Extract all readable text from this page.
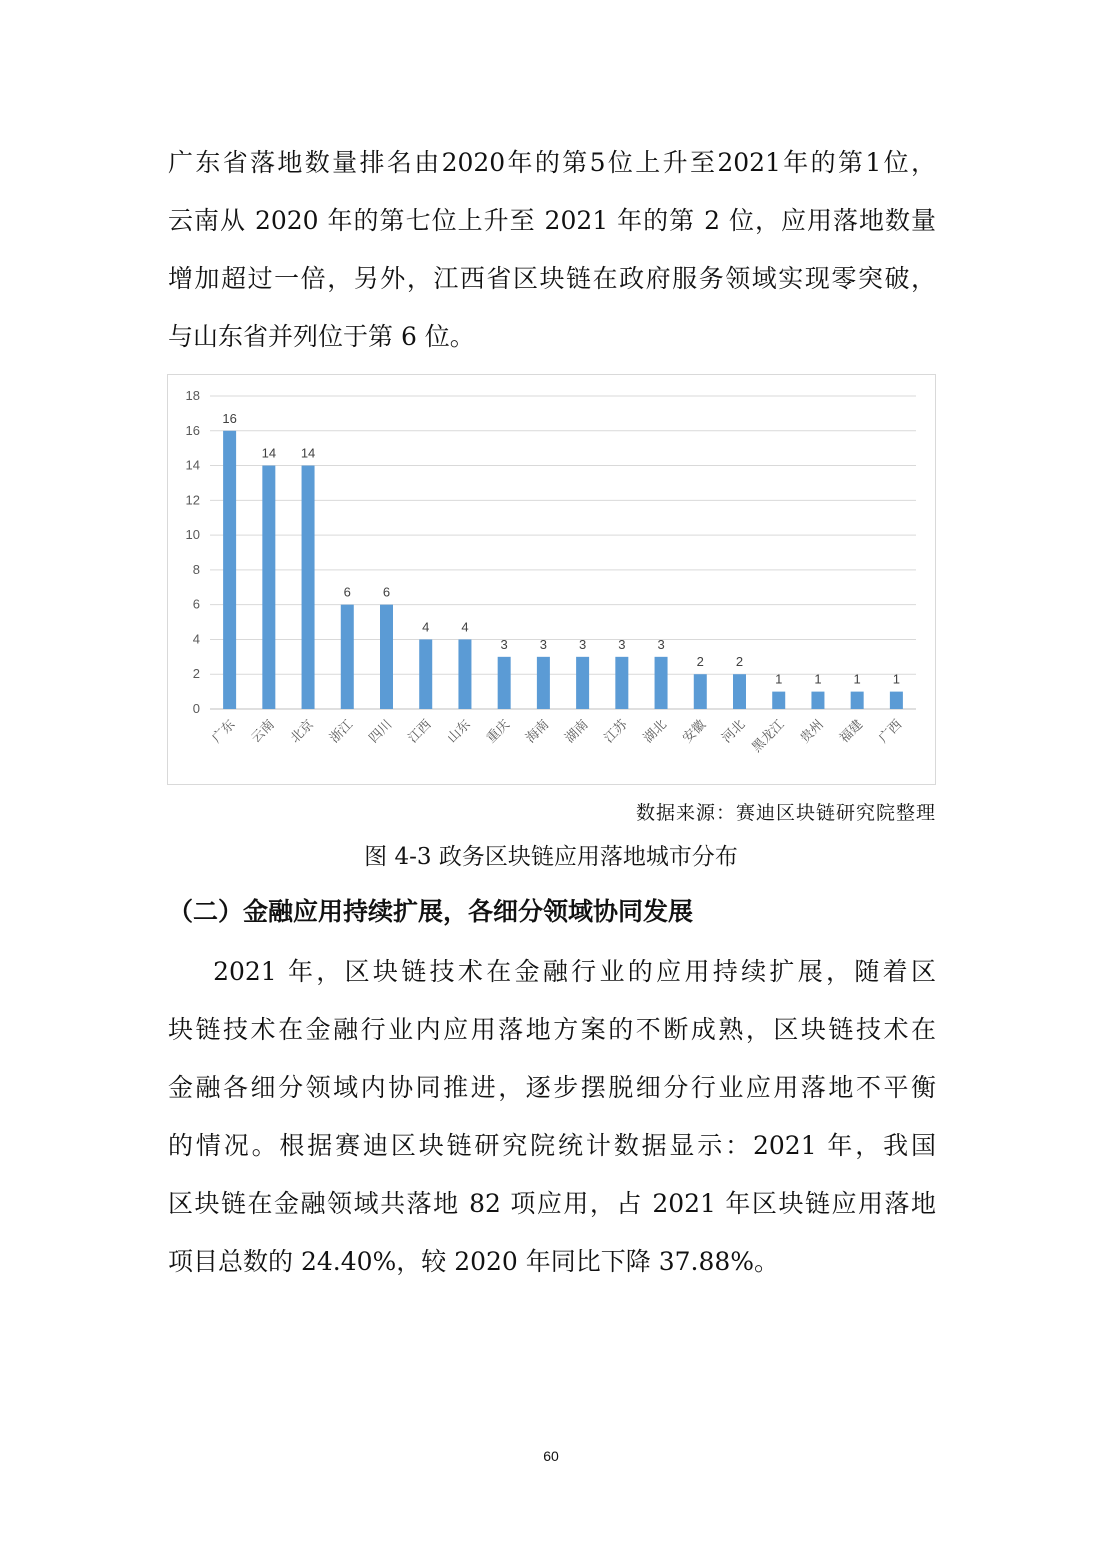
广东省落地数量排名由2020年的第5位上升至2021年的第1位，
云南从 2020 年的第七位上升至 2021 年的第 2 位，应用落地数量
增加超过一倍，另外，江西省区块链在政府服务领域实现零突破，
与山东省并列位于第 6 位。
0
2
4
6
8
10
12
14
16
18
16
14 14
6 6
4 4
3 3 3 3 3
2 2
1 1 1 1
广东 云南 北京 浙江 四川 江西 山东 重庆 海南 湖南 江苏 湖北 安徽 河北 黑龙江 贵州 福建 广西
数据来源：赛迪区块链研究院整理
图 4-3 政务区块链应用落地城市分布
（二）金融应用持续扩展，各细分领域协同发展
2021 年，区块链技术在金融行业的应用持续扩展，随着区
块链技术在金融行业内应用落地方案的不断成熟，区块链技术在
金融各细分领域内协同推进，逐步摆脱细分行业应用落地不平衡
的情况。根据赛迪区块链研究院统计数据显示：2021 年，我国
区块链在金融领域共落地 82 项应用，占 2021 年区块链应用落地
项目总数的 24.40%，较 2020 年同比下降 37.88%。
60
